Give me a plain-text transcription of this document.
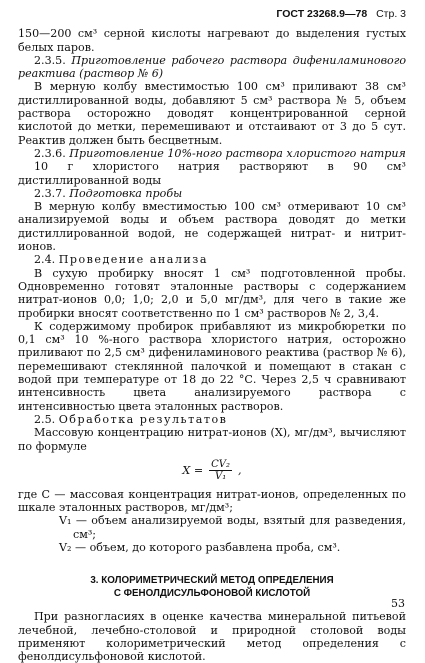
ГОСТ 23268.9—78 Стр. 3

150—200 см³ серной кислоты нагревают до выделения густых белых паров.

2.3.5. Приготовление рабочего раствора дифениламинового реактива (раствор № 6)

В мерную колбу вместимостью 100 см³ приливают 38 см³ дистиллированной воды, добавляют 5 см³ раствора № 5, объем раствора осторожно доводят концентрированной серной кислотой до метки, перемешивают и отстаивают от 3 до 5 сут. Реактив должен быть бесцветным.

2.3.6. Приготовление 10%-ного раствора хлористого натрия

10 г хлористого натрия растворяют в 90 см³ дистиллированной воды

2.3.7. Подготовка пробы

В мерную колбу вместимостью 100 см³ отмеривают 10 см³ анализируемой воды и объем раствора доводят до метки дистиллированной водой, не содержащей нитрат- и нитрит-ионов.

2.4. Проведение анализа

В сухую пробирку вносят 1 см³ подготовленной пробы. Одновременно готовят эталонные растворы с содержанием нитрат-ионов 0,0; 1,0; 2,0 и 5,0 мг/дм³, для чего в такие же пробирки вносят соответственно по 1 см³ растворов № 2, 3,4.

К содержимому пробирок прибавляют из микробюретки по 0,1 см³ 10 %-ного раствора хлористого натрия, осторожно приливают по 2,5 см³ дифениламинового реактива (раствор № 6), перемешивают стеклянной палочкой и помещают в стакан с водой при температуре от 18 до 22 °С. Через 2,5 ч сравнивают интенсивность цвета анализируемого раствора с интенсивностью цвета эталонных растворов.

2.5. Обработка результатов

Массовую концентрацию нитрат-ионов (X), мг/дм³, вычисляют по формуле

$X = \frac{\text{CV₂}}{\text{V₁}}$ ,

где C — массовая концентрация нитрат-ионов, определенных по шкале эталонных растворов, мг/дм³;

V₁ — объем анализируемой воды, взятый для разведения, см³;

V₂ — объем, до которого разбавлена проба, см³.

3. КОЛОРИМЕТРИЧЕСКИЙ МЕТОД ОПРЕДЕЛЕНИЯ
С ФЕНОЛДИСУЛЬФОНОВОЙ КИСЛОТОЙ

При разногласиях в оценке качества минеральной питьевой лечебной, лечебно-столовой и природной столовой воды применяют колориметрический метод определения с фенолдисульфоновой кислотой.

53
